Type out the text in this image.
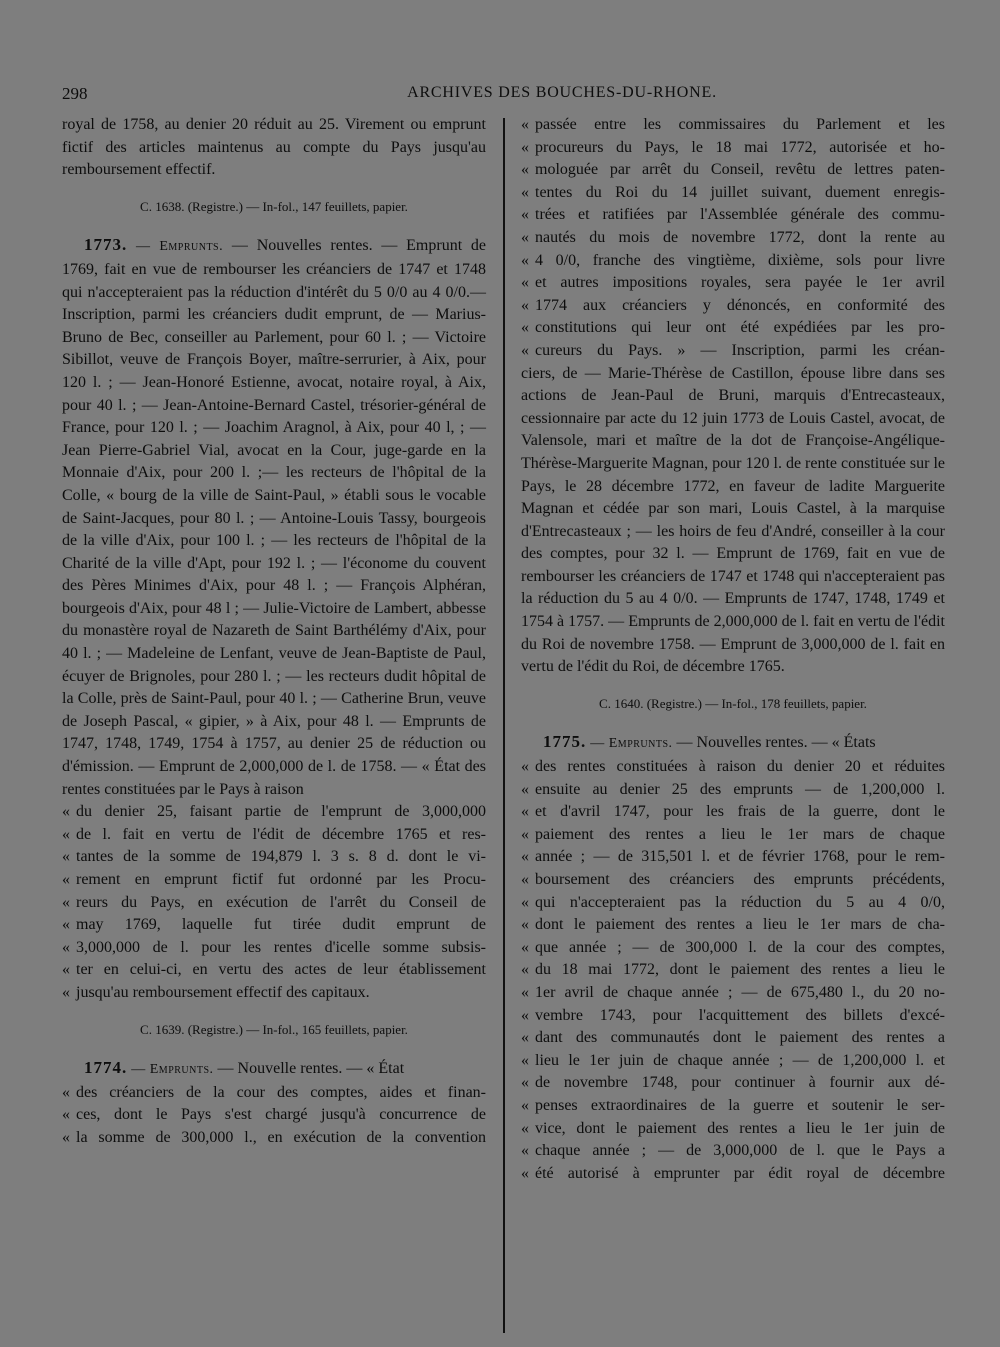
298	ARCHIVES DES BOUCHES-DU-RHONE.

royal de 1758, au denier 20 réduit au 25. Virement ou emprunt fictif des articles maintenus au compte du Pays jusqu'au remboursement effectif.

C. 1638. (Registre.) — In-fol., 147 feuillets, papier.

1773. — Emprunts. — Nouvelles rentes. — Emprunt de 1769, fait en vue de rembourser les créanciers de 1747 et 1748 qui n'accepteraient pas la réduction d'intérêt du 5 0/0 au 4 0/0.— Inscription, parmi les créanciers dudit emprunt, de — Marius-Bruno de Bec, conseiller au Parlement, pour 60 l. ; — Victoire Sibillot, veuve de François Boyer, maître-serrurier, à Aix, pour 120 l. ; — Jean-Honoré Estienne, avocat, notaire royal, à Aix, pour 40 l. ; — Jean-Antoine-Bernard Castel, trésorier-général de France, pour 120 l. ; — Joachim Aragnol, à Aix, pour 40 l, ; — Jean Pierre-Gabriel Vial, avocat en la Cour, juge-garde en la Monnaie d'Aix, pour 200 l. ;— les recteurs de l'hôpital de la Colle, « bourg de la ville de Saint-Paul, » établi sous le vocable de Saint-Jacques, pour 80 l. ; — Antoine-Louis Tassy, bourgeois de la ville d'Aix, pour 100 l. ; — les recteurs de l'hôpital de la Charité de la ville d'Apt, pour 192 l. ; — l'économe du couvent des Pères Minimes d'Aix, pour 48 l. ; — François Alphéran, bourgeois d'Aix, pour 48 l ; — Julie-Victoire de Lambert, abbesse du monastère royal de Nazareth de Saint Barthélémy d'Aix, pour 40 l. ; — Madeleine de Lenfant, veuve de Jean-Baptiste de Paul, écuyer de Brignoles, pour 280 l. ; — les recteurs dudit hôpital de la Colle, près de Saint-Paul, pour 40 l. ; — Catherine Brun, veuve de Joseph Pascal, « gipier, » à Aix, pour 48 l. — Emprunts de 1747, 1748, 1749, 1754 à 1757, au denier 25 de réduction ou d'émission. — Emprunt de 2,000,000 de l. de 1758. — « État des rentes constituées par le Pays à raison

« du denier 25, faisant partie de l'emprunt de 3,000,000
« de l. fait en vertu de l'édit de décembre 1765 et res-
« tantes de la somme de 194,879 l. 3 s. 8 d. dont le vi-
« rement en emprunt fictif fut ordonné par les Procu-
« reurs du Pays, en exécution de l'arrêt du Conseil de
« may 1769, laquelle fut tirée dudit emprunt de
« 3,000,000 de l. pour les rentes d'icelle somme subsis-
« ter en celui-ci, en vertu des actes de leur établissement
« jusqu'au remboursement effectif des capitaux.
C. 1639. (Registre.) — In-fol., 165 feuillets, papier.

1774. — Emprunts. — Nouvelle rentes. — « État

« des créanciers de la cour des comptes, aides et finan-
« ces, dont le Pays s'est chargé jusqu'à concurrence de
« la somme de 300,000 l., en exécution de la convention
« passée entre les commissaires du Parlement et les
« procureurs du Pays, le 18 mai 1772, autorisée et ho-
« mologuée par arrêt du Conseil, revêtu de lettres paten-
« tentes du Roi du 14 juillet suivant, duement enregis-
« trées et ratifiées par l'Assemblée générale des commu-
« nautés du mois de novembre 1772, dont la rente au
« 4 0/0, franche des vingtième, dixième, sols pour livre
« et autres impositions royales, sera payée le 1er avril
« 1774 aux créanciers y dénoncés, en conformité des
« constitutions qui leur ont été expédiées par les pro-
« cureurs du Pays. » — Inscription, parmi les créan-

ciers, de — Marie-Thérèse de Castillon, épouse libre dans ses actions de Jean-Paul de Bruni, marquis d'Entrecasteaux, cessionnaire par acte du 12 juin 1773 de Louis Castel, avocat, de Valensole, mari et maître de la dot de Françoise-Angélique-Thérèse-Marguerite Magnan, pour 120 l. de rente constituée sur le Pays, le 28 décembre 1772, en faveur de ladite Marguerite Magnan et cédée par son mari, Louis Castel, à la marquise d'Entrecasteaux ; — les hoirs de feu d'André, conseiller à la cour des comptes, pour 32 l. — Emprunt de 1769, fait en vue de rembourser les créanciers de 1747 et 1748 qui n'accepteraient pas la réduction du 5 au 4 0/0. — Emprunts de 1747, 1748, 1749 et 1754 à 1757. — Emprunts de 2,000,000 de l. fait en vertu de l'édit du Roi de novembre 1758. — Emprunt de 3,000,000 de l. fait en vertu de l'édit du Roi, de décembre 1765.

C. 1640. (Registre.) — In-fol., 178 feuillets, papier.

1775. — Emprunts. — Nouvelles rentes. — « États

« des rentes constituées à raison du denier 20 et réduites
« ensuite au denier 25 des emprunts — de 1,200,000 l.
« et d'avril 1747, pour les frais de la guerre, dont le
« paiement des rentes a lieu le 1er mars de chaque
« année ; — de 315,501 l. et de février 1768, pour le rem-
« boursement des créanciers des emprunts précédents,
« qui n'accepteraient pas la réduction du 5 au 4 0/0,
« dont le paiement des rentes a lieu le 1er mars de cha-
« que année ; — de 300,000 l. de la cour des comptes,
« du 18 mai 1772, dont le paiement des rentes a lieu le
« 1er avril de chaque année ; — de 675,480 l., du 20 no-
« vembre 1743, pour l'acquittement des billets d'excé-
« dant des communautés dont le paiement des rentes a
« lieu le 1er juin de chaque année ; — de 1,200,000 l. et
« de novembre 1748, pour continuer à fournir aux dé-
« penses extraordinaires de la guerre et soutenir le ser-
« vice, dont le paiement des rentes a lieu le 1er juin de
« chaque année ; — de 3,000,000 de l. que le Pays a
« été autorisé à emprunter par édit royal de décembre
